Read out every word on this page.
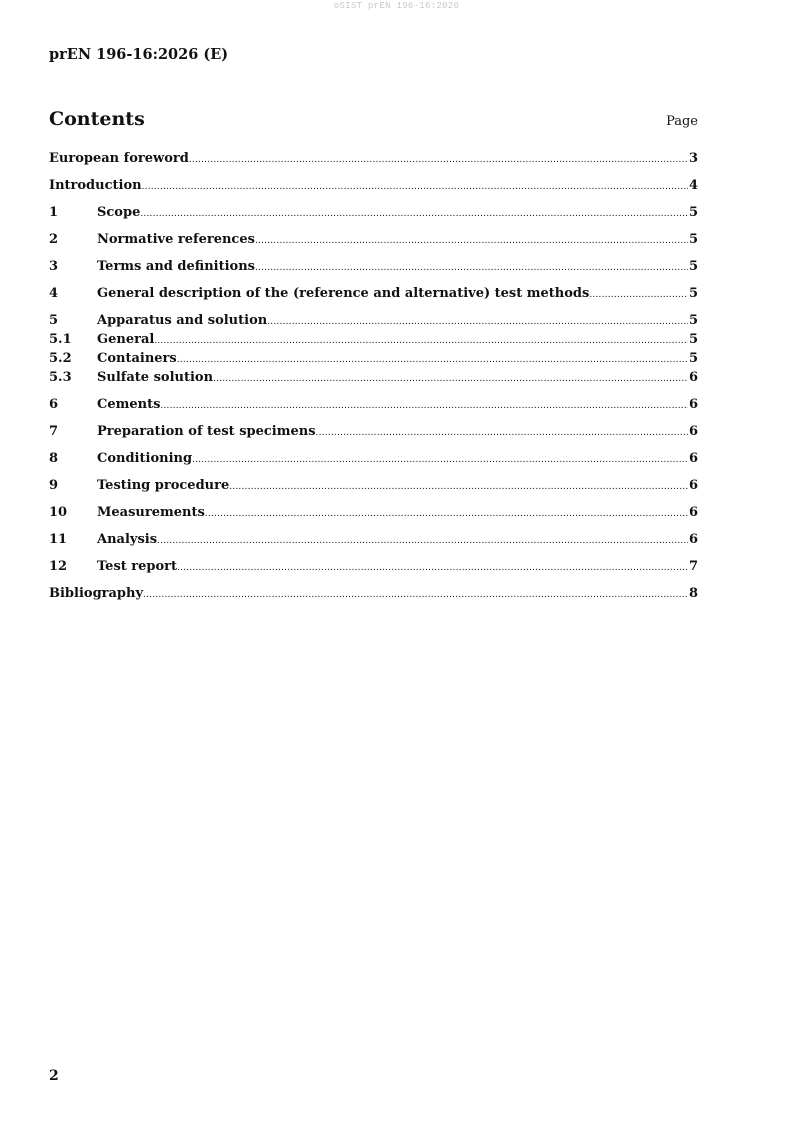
oSIST prEN 196-16:2026
prEN 196-16:2026 (E)
Contents	Page
European foreword .....	3
Introduction .....	4
1	Scope .....	5
2	Normative references .....	5
3	Terms and definitions .....	5
4	General description of the (reference and alternative) test methods .....	5
5	Apparatus and solution .....	5
5.1	General .....	5
5.2	Containers .....	5
5.3	Sulfate solution .....	6
6	Cements .....	6
7	Preparation of test specimens .....	6
8	Conditioning .....	6
9	Testing procedure .....	6
10	Measurements .....	6
11	Analysis .....	6
12	Test report .....	7
Bibliography .....	8
2
